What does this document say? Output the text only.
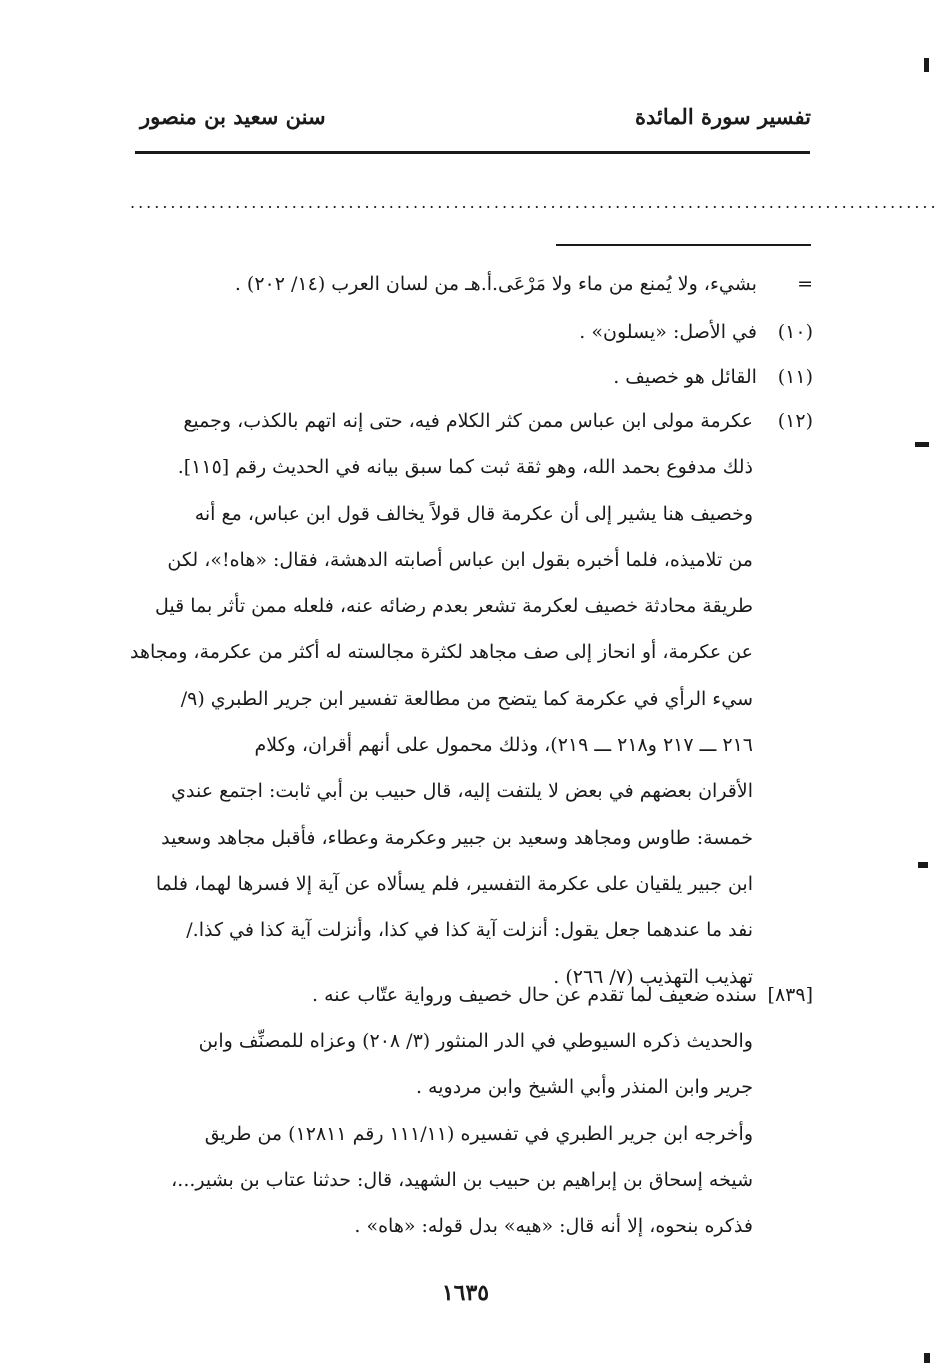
تفسير سورة المائدة
سنن سعيد بن منصور
....................................................................................................
= بشيء، ولا يُمنع من ماء ولا مَرْعَى.أ.هـ من لسان العرب (١٤/ ٢٠٢) .
(١٠) في الأصل: «يسلون» .
(١١) القائل هو خصيف .
(١٢)
عكرمة مولى ابن عباس ممن كثر الكلام فيه، حتى إنه اتهم بالكذب، وجميع
ذلك مدفوع بحمد الله، وهو ثقة ثبت كما سبق بيانه في الحديث رقم [١١٥].
وخصيف هنا يشير إلى أن عكرمة قال قولاً يخالف قول ابن عباس، مع أنه
من تلاميذه، فلما أخبره بقول ابن عباس أصابته الدهشة، فقال: «هاه!»، لكن
طريقة محادثة خصيف لعكرمة تشعر بعدم رضائه عنه، فلعله ممن تأثر بما قيل
عن عكرمة، أو انحاز إلى صف مجاهد لكثرة مجالسته له أكثر من عكرمة، ومجاهد
سيء الرأي في عكرمة كما يتضح من مطالعة تفسير ابن جرير الطبري (٩/
٢١٦ ـــ ٢١٧ و٢١٨ ـــ ٢١٩)، وذلك محمول على أنهم أقران، وكلام
الأقران بعضهم في بعض لا يلتفت إليه، قال حبيب بن أبي ثابت: اجتمع عندي
خمسة: طاوس ومجاهد وسعيد بن جبير وعكرمة وعطاء، فأقبل مجاهد وسعيد
ابن جبير يلقيان على عكرمة التفسير، فلم يسألاه عن آية إلا فسرها لهما، فلما
نفد ما عندهما جعل يقول: أنزلت آية كذا في كذا، وأنزلت آية كذا في كذا./
تهذيب التهذيب (٧/ ٢٦٦) .
[٨٣٩] سنده ضعيف لما تقدم عن حال خصيف ورواية عتّاب عنه .
والحديث ذكره السيوطي في الدر المنثور (٣/ ٢٠٨) وعزاه للمصنِّف وابن
جرير وابن المنذر وأبي الشيخ وابن مردويه .
وأخرجه ابن جرير الطبري في تفسيره (١١١/١١ رقم ١٢٨١١) من طريق
شيخه إسحاق بن إبراهيم بن حبيب بن الشهيد، قال: حدثنا عتاب بن بشير...،
فذكره بنحوه، إلا أنه قال: «هيه» بدل قوله: «هاه» .
١٦٣٥
